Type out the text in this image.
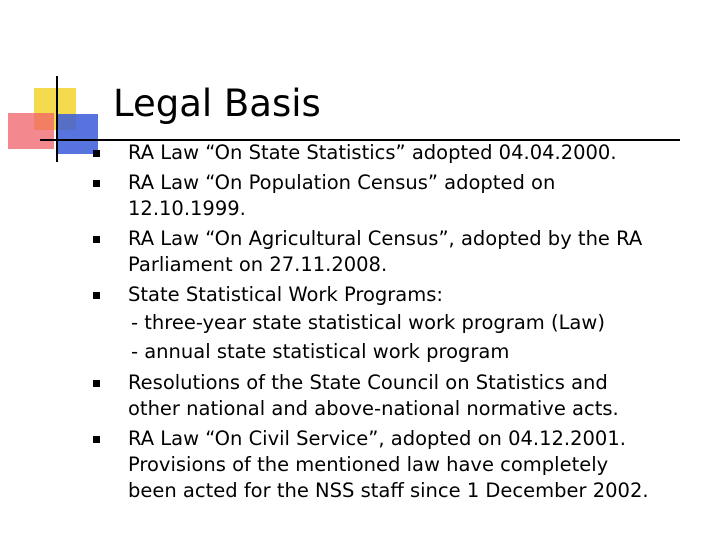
Legal Basis
RA Law “On State Statistics” adopted 04.04.2000.
RA Law “On Population Census” adopted on
12.10.1999.
RA Law “On Agricultural Census”, adopted by the RA
Parliament on 27.11.2008.
State Statistical Work Programs:
- three-year state statistical work program (Law)
- annual state statistical work program
Resolutions of the State Council on Statistics and
other national and above-national normative acts.
RA Law “On Civil Service”, adopted on 04.12.2001.
Provisions of the mentioned law have completely
been acted for the NSS staff since 1 December 2002.
